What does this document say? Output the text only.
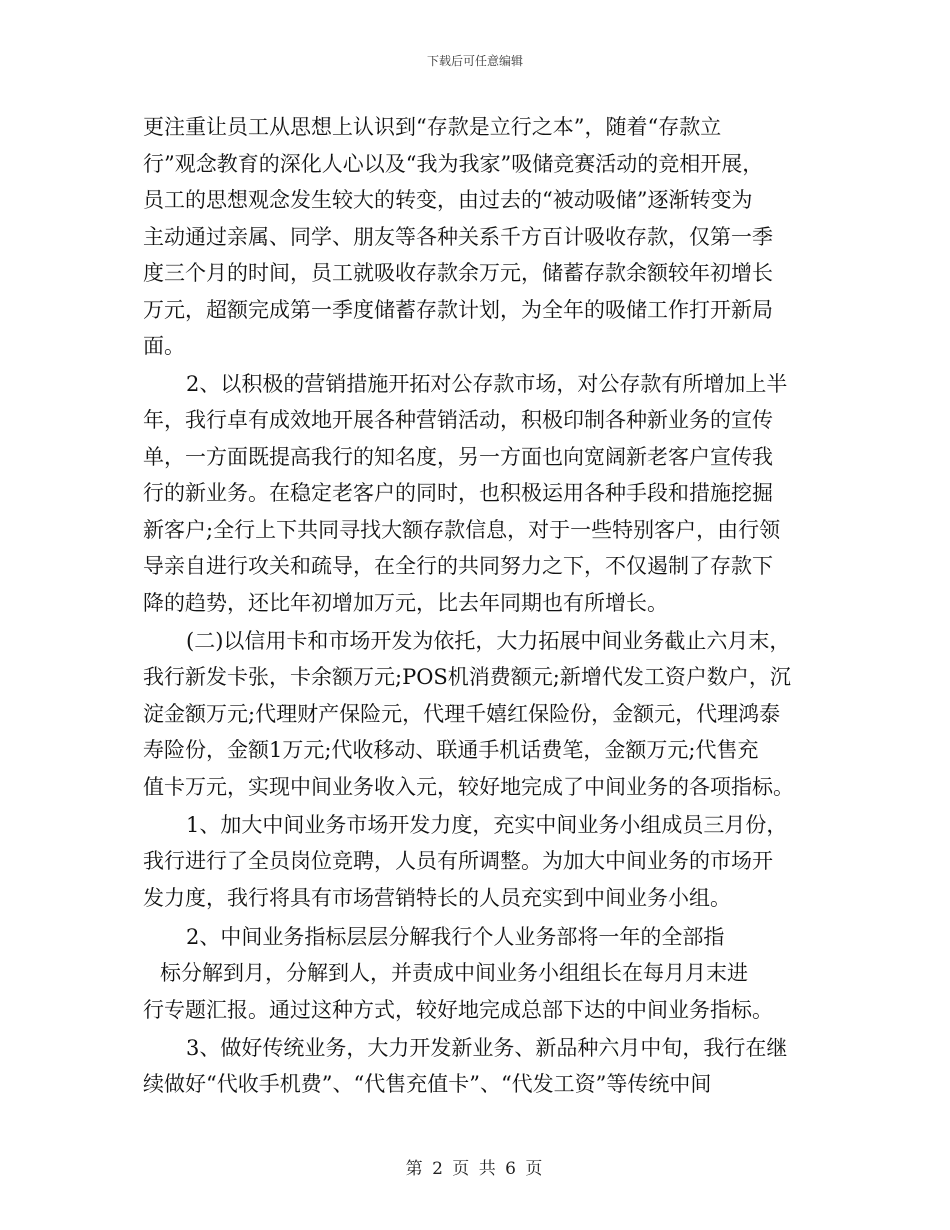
下载后可任意编辑
更注重让员工从思想上认识到“存款是立行之本”，随着“存款立
行”观念教育的深化人心以及“我为我家”吸储竞赛活动的竞相开展，
员工的思想观念发生较大的转变，由过去的“被动吸储”逐渐转变为
主动通过亲属、同学、朋友等各种关系千方百计吸收存款，仅第一季
度三个月的时间，员工就吸收存款余万元，储蓄存款余额较年初增长
万元，超额完成第一季度储蓄存款计划，为全年的吸储工作打开新局
面。
2、以积极的营销措施开拓对公存款市场，对公存款有所增加上半
年，我行卓有成效地开展各种营销活动，积极印制各种新业务的宣传
单，一方面既提高我行的知名度，另一方面也向宽阔新老客户宣传我
行的新业务。在稳定老客户的同时，也积极运用各种手段和措施挖掘
新客户;全行上下共同寻找大额存款信息，对于一些特别客户，由行领
导亲自进行攻关和疏导，在全行的共同努力之下，不仅遏制了存款下
降的趋势，还比年初增加万元，比去年同期也有所增长。
(二)以信用卡和市场开发为依托，大力拓展中间业务截止六月末，
我行新发卡张，卡余额万元;POS机消费额元;新增代发工资户数户，沉
淀金额万元;代理财产保险元，代理千嬉红保险份，金额元，代理鸿泰
寿险份，金额1万元;代收移动、联通手机话费笔，金额万元;代售充
值卡万元，实现中间业务收入元，较好地完成了中间业务的各项指标。
1、加大中间业务市场开发力度，充实中间业务小组成员三月份，
我行进行了全员岗位竞聘，人员有所调整。为加大中间业务的市场开
发力度，我行将具有市场营销特长的人员充实到中间业务小组。
2、中间业务指标层层分解我行个人业务部将一年的全部指
标分解到月，分解到人，并责成中间业务小组组长在每月月末进
行专题汇报。通过这种方式，较好地完成总部下达的中间业务指标。
3、做好传统业务，大力开发新业务、新品种六月中旬，我行在继
续做好“代收手机费”、“代售充值卡”、“代发工资”等传统中间
第 2 页 共 6 页
